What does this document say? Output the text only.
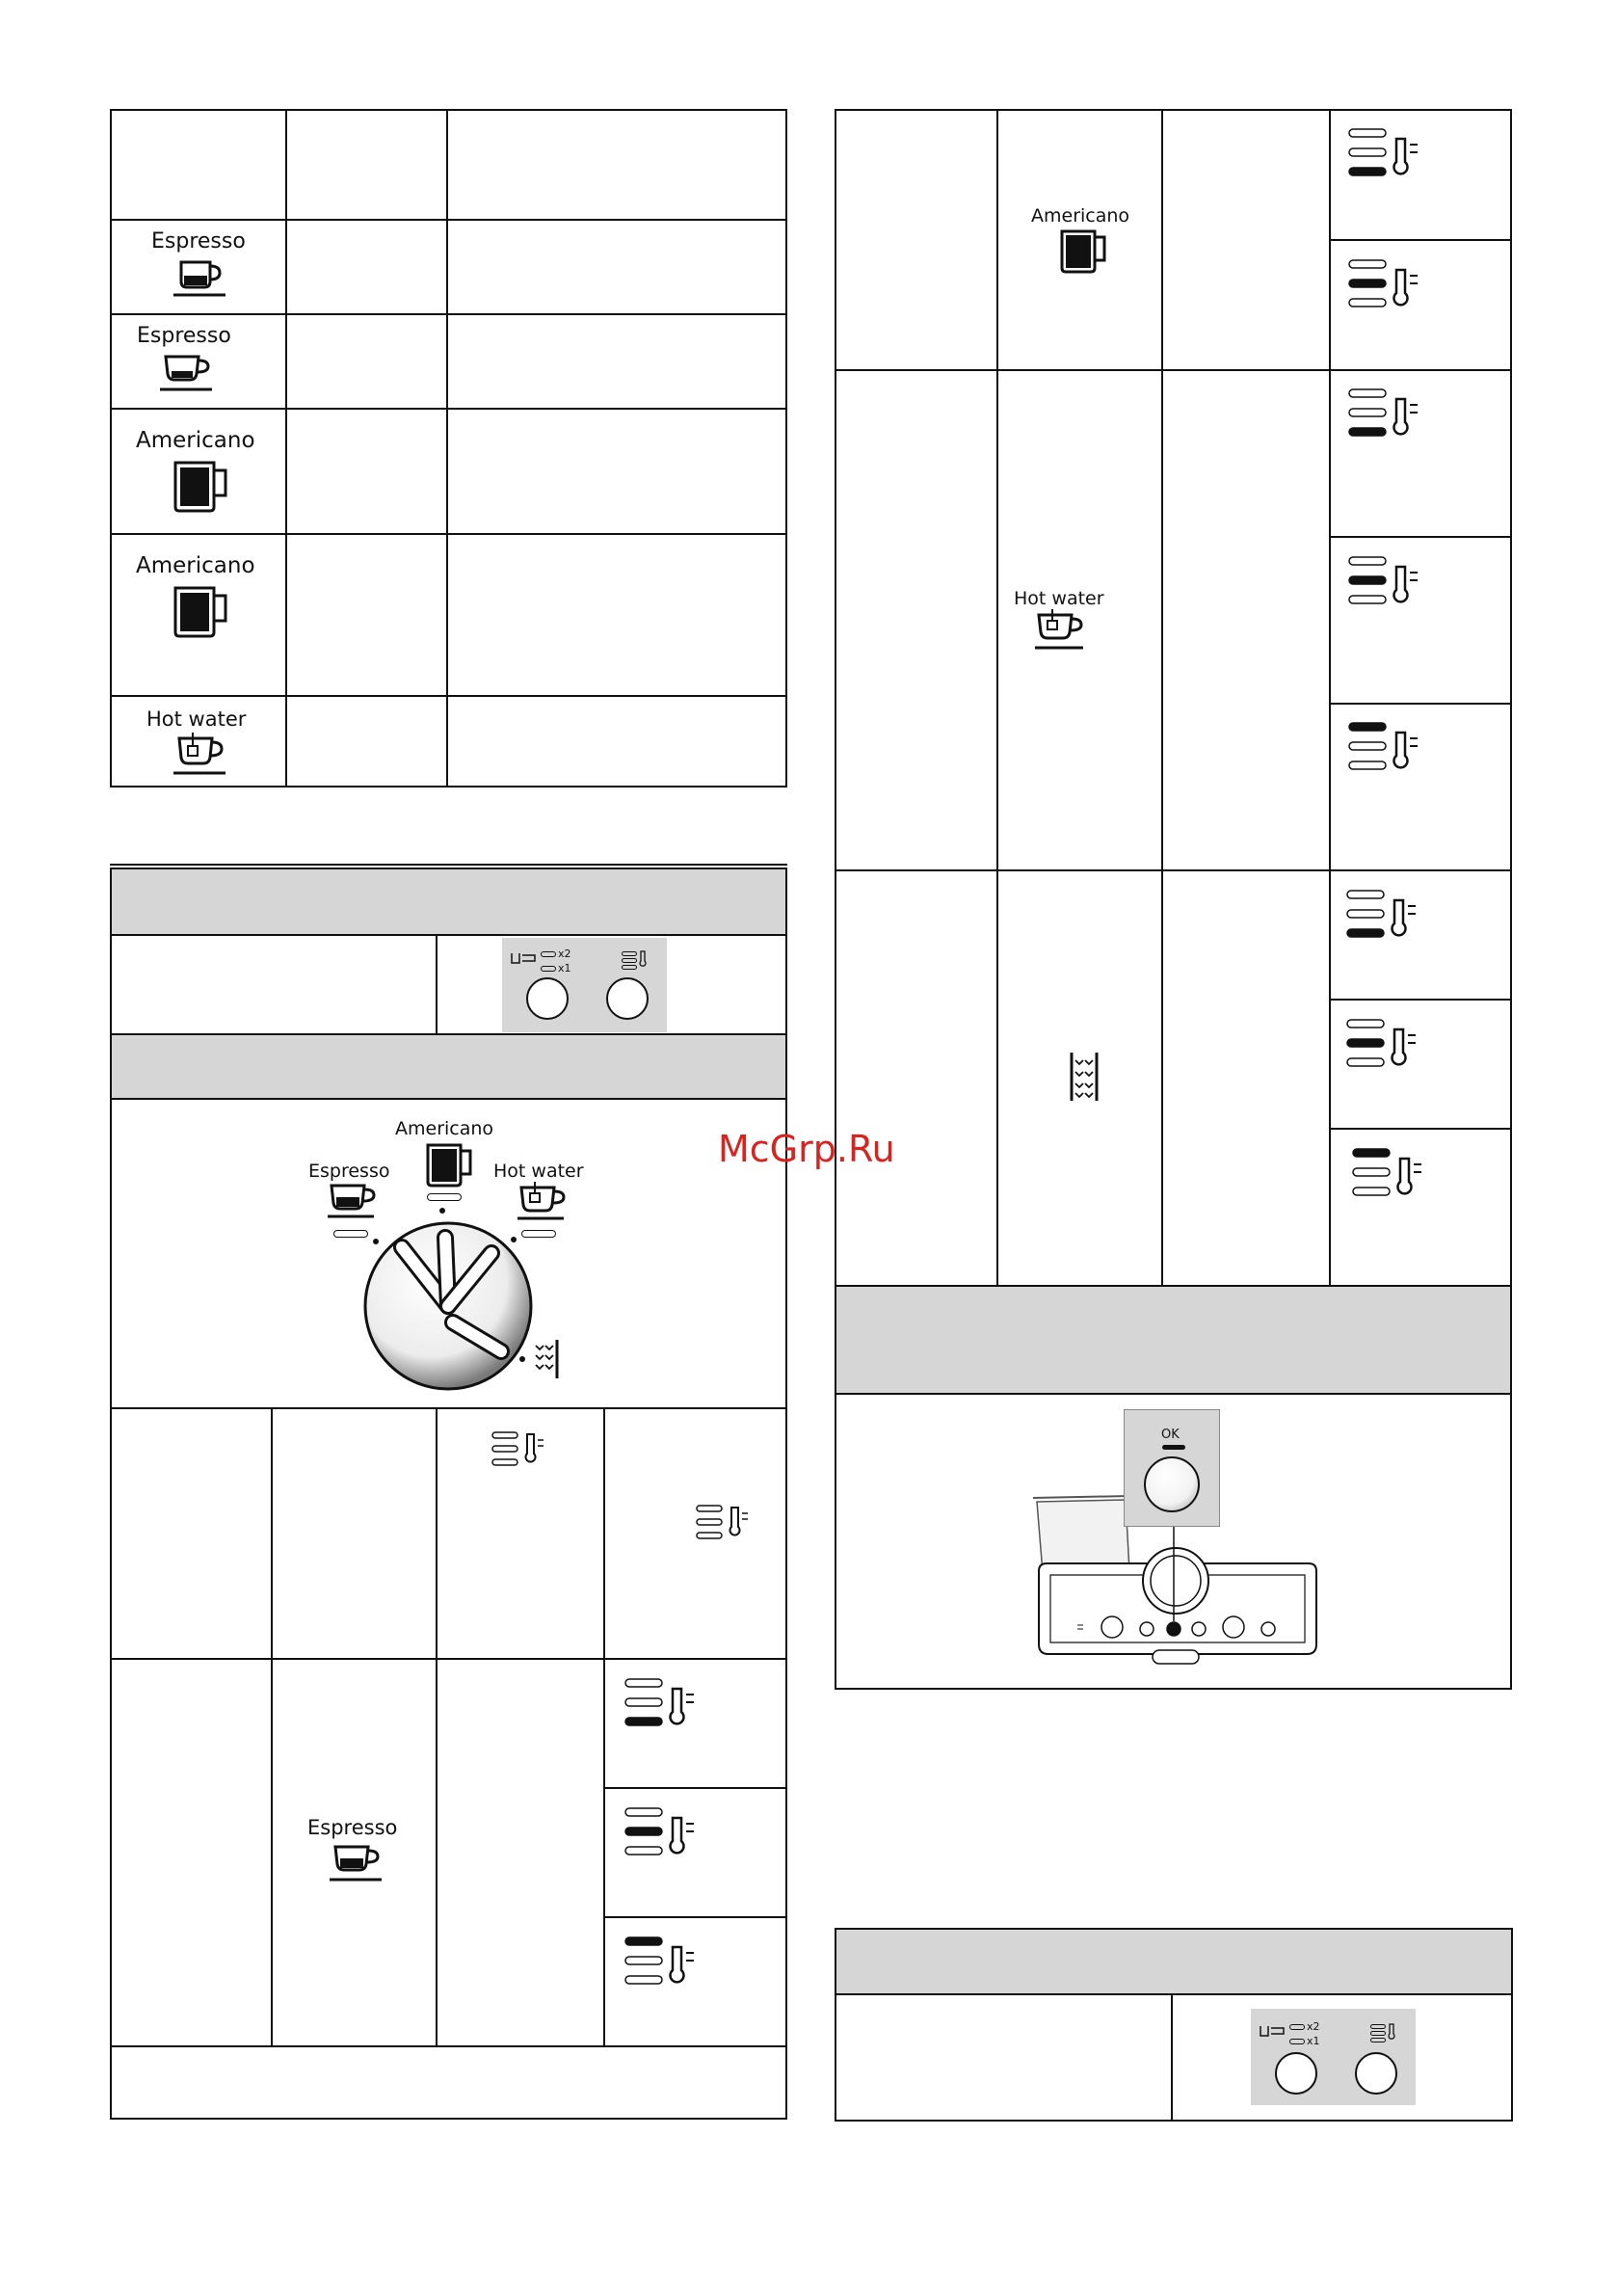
Espresso
Espresso
Americano
Americano
Hot water
x2
x1
Americano
Espresso	Hot water
Espresso
Americano
Hot water
OK
x2
x1
McGrp.Ru
